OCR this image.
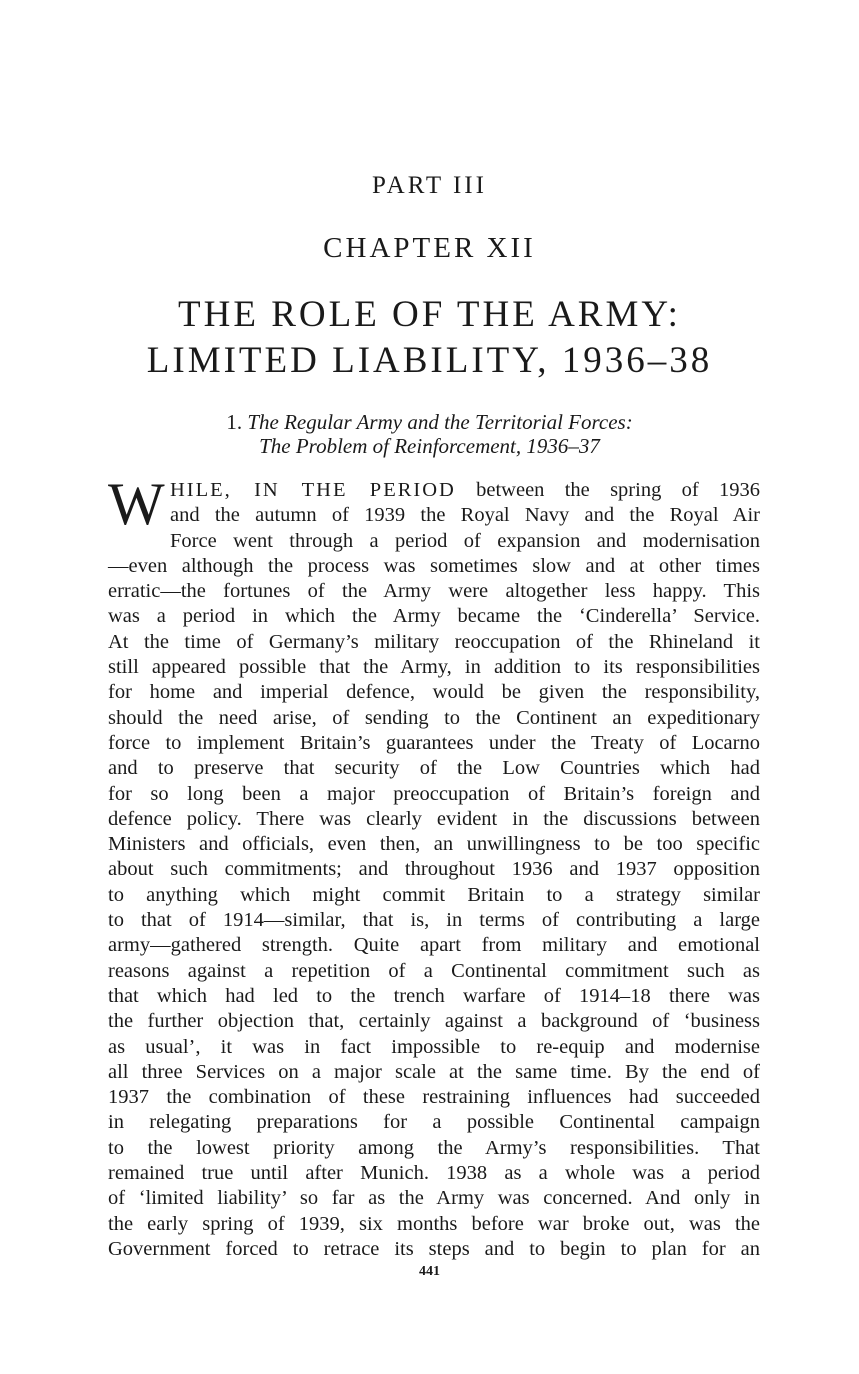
PART III
CHAPTER XII
THE ROLE OF THE ARMY:
LIMITED LIABILITY, 1936–38
1. The Regular Army and the Territorial Forces:
The Problem of Reinforcement, 1936–37
W HILE, IN THE PERIOD between the spring of 1936
and the autumn of 1939 the Royal Navy and the Royal Air
Force went through a period of expansion and modernisation
—even although the process was sometimes slow and at other times
erratic—the fortunes of the Army were altogether less happy. This
was a period in which the Army became the ‘Cinderella’ Service.
At the time of Germany’s military reoccupation of the Rhineland it
still appeared possible that the Army, in addition to its responsibilities
for home and imperial defence, would be given the responsibility,
should the need arise, of sending to the Continent an expeditionary
force to implement Britain’s guarantees under the Treaty of Locarno
and to preserve that security of the Low Countries which had
for so long been a major preoccupation of Britain’s foreign and
defence policy. There was clearly evident in the discussions between
Ministers and officials, even then, an unwillingness to be too specific
about such commitments; and throughout 1936 and 1937 opposition
to anything which might commit Britain to a strategy similar
to that of 1914—similar, that is, in terms of contributing a large
army—gathered strength. Quite apart from military and emotional
reasons against a repetition of a Continental commitment such as
that which had led to the trench warfare of 1914–18 there was
the further objection that, certainly against a background of ‘business
as usual’, it was in fact impossible to re-equip and modernise
all three Services on a major scale at the same time. By the end of
1937 the combination of these restraining influences had succeeded
in relegating preparations for a possible Continental campaign
to the lowest priority among the Army’s responsibilities. That
remained true until after Munich. 1938 as a whole was a period
of ‘limited liability’ so far as the Army was concerned. And only in
the early spring of 1939, six months before war broke out, was the
Government forced to retrace its steps and to begin to plan for an
441
